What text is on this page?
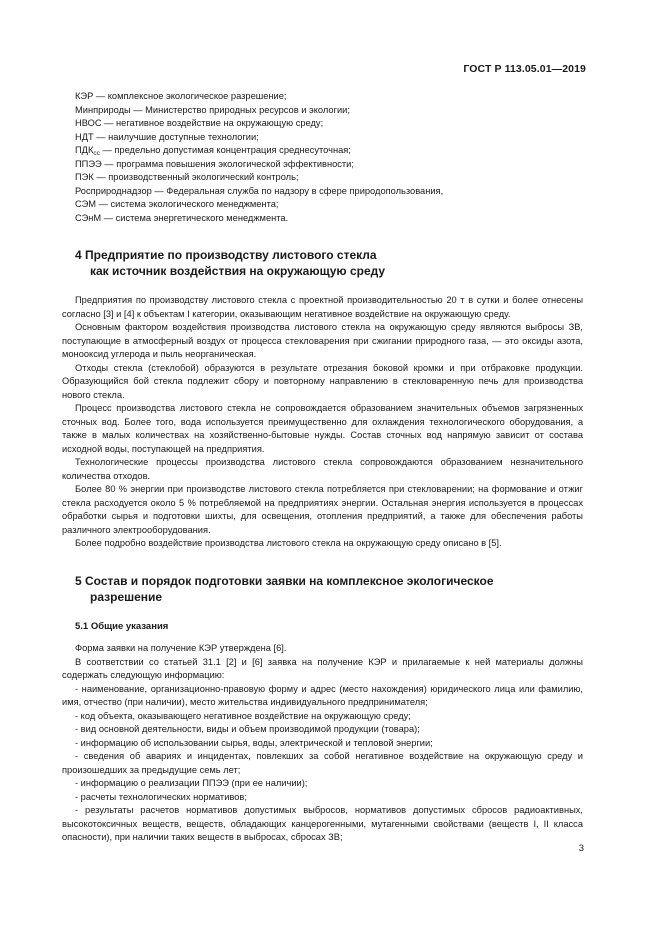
ГОСТ Р 113.05.01—2019
КЭР — комплексное экологическое разрешение;
Минприроды — Министерство природных ресурсов и экологии;
НВОС — негативное воздействие на окружающую среду;
НДТ — наилучшие доступные технологии;
$ПДК_{сс}$ — предельно допустимая концентрация среднесуточная;
ППЭЭ — программа повышения экологической эффективности;
ПЭК — производственный экологический контроль;
Росприроднадзор — Федеральная служба по надзору в сфере природопользования,
СЭМ — система экологического менеджмента;
СЭнМ — система энергетического менеджмента.
4 Предприятие по производству листового стекла
как источник воздействия на окружающую среду

Предприятия по производству листового стекла с проектной производительностью 20 т в сутки и более отнесены согласно [3] и [4] к объектам I категории, оказывающим негативное воздействие на окружающую среду.

Основным фактором воздействия производства листового стекла на окружающую среду являются выбросы ЗВ, поступающие в атмосферный воздух от процесса стекловарения при сжигании природного газа, — это оксиды азота, монооксид углерода и пыль неорганическая.

Отходы стекла (стеклобой) образуются в результате отрезания боковой кромки и при отбраковке продукции. Образующийся бой стекла подлежит сбору и повторному направлению в стекловаренную печь для производства нового стекла.

Процесс производства листового стекла не сопровождается образованием значительных объемов загрязненных сточных вод. Более того, вода используется преимущественно для охлаждения технологического оборудования, а также в малых количествах на хозяйственно-бытовые нужды. Состав сточных вод напрямую зависит от состава исходной воды, поступающей на предприятия.

Технологические процессы производства листового стекла сопровождаются образованием незначительного количества отходов.

Более 80 % энергии при производстве листового стекла потребляется при стекловарении; на формование и отжиг стекла расходуется около 5 % потребляемой на предприятиях энергии. Остальная энергия используется в процессах обработки сырья и подготовки шихты, для освещения, отопления предприятий, а также для обеспечения работы различного электрооборудования.

Более подробно воздействие производства листового стекла на окружающую среду описано в [5].

5 Состав и порядок подготовки заявки на комплексное экологическое
разрешение
5.1 Общие указания

Форма заявки на получение КЭР утверждена [6].

В соответствии со статьей 31.1 [2] и [6] заявка на получение КЭР и прилагаемые к ней материалы должны содержать следующую информацию:

- наименование, организационно-правовую форму и адрес (место нахождения) юридического лица или фамилию, имя, отчество (при наличии), место жительства индивидуального предпринимателя;

- код объекта, оказывающего негативное воздействие на окружающую среду;

- вид основной деятельности, виды и объем производимой продукции (товара);

- информацию об использовании сырья, воды, электрической и тепловой энергии;

- сведения об авариях и инцидентах, повлекших за собой негативное воздействие на окружающую среду и произошедших за предыдущие семь лет;

- информацию о реализации ППЭЭ (при ее наличии);

- расчеты технологических нормативов;

- результаты расчетов нормативов допустимых выбросов, нормативов допустимых сбросов радиоактивных, высокотоксичных веществ, веществ, обладающих канцерогенными, мутагенными свойствами (веществ I, II класса опасности), при наличии таких веществ в выбросах, сбросах ЗВ;

3
